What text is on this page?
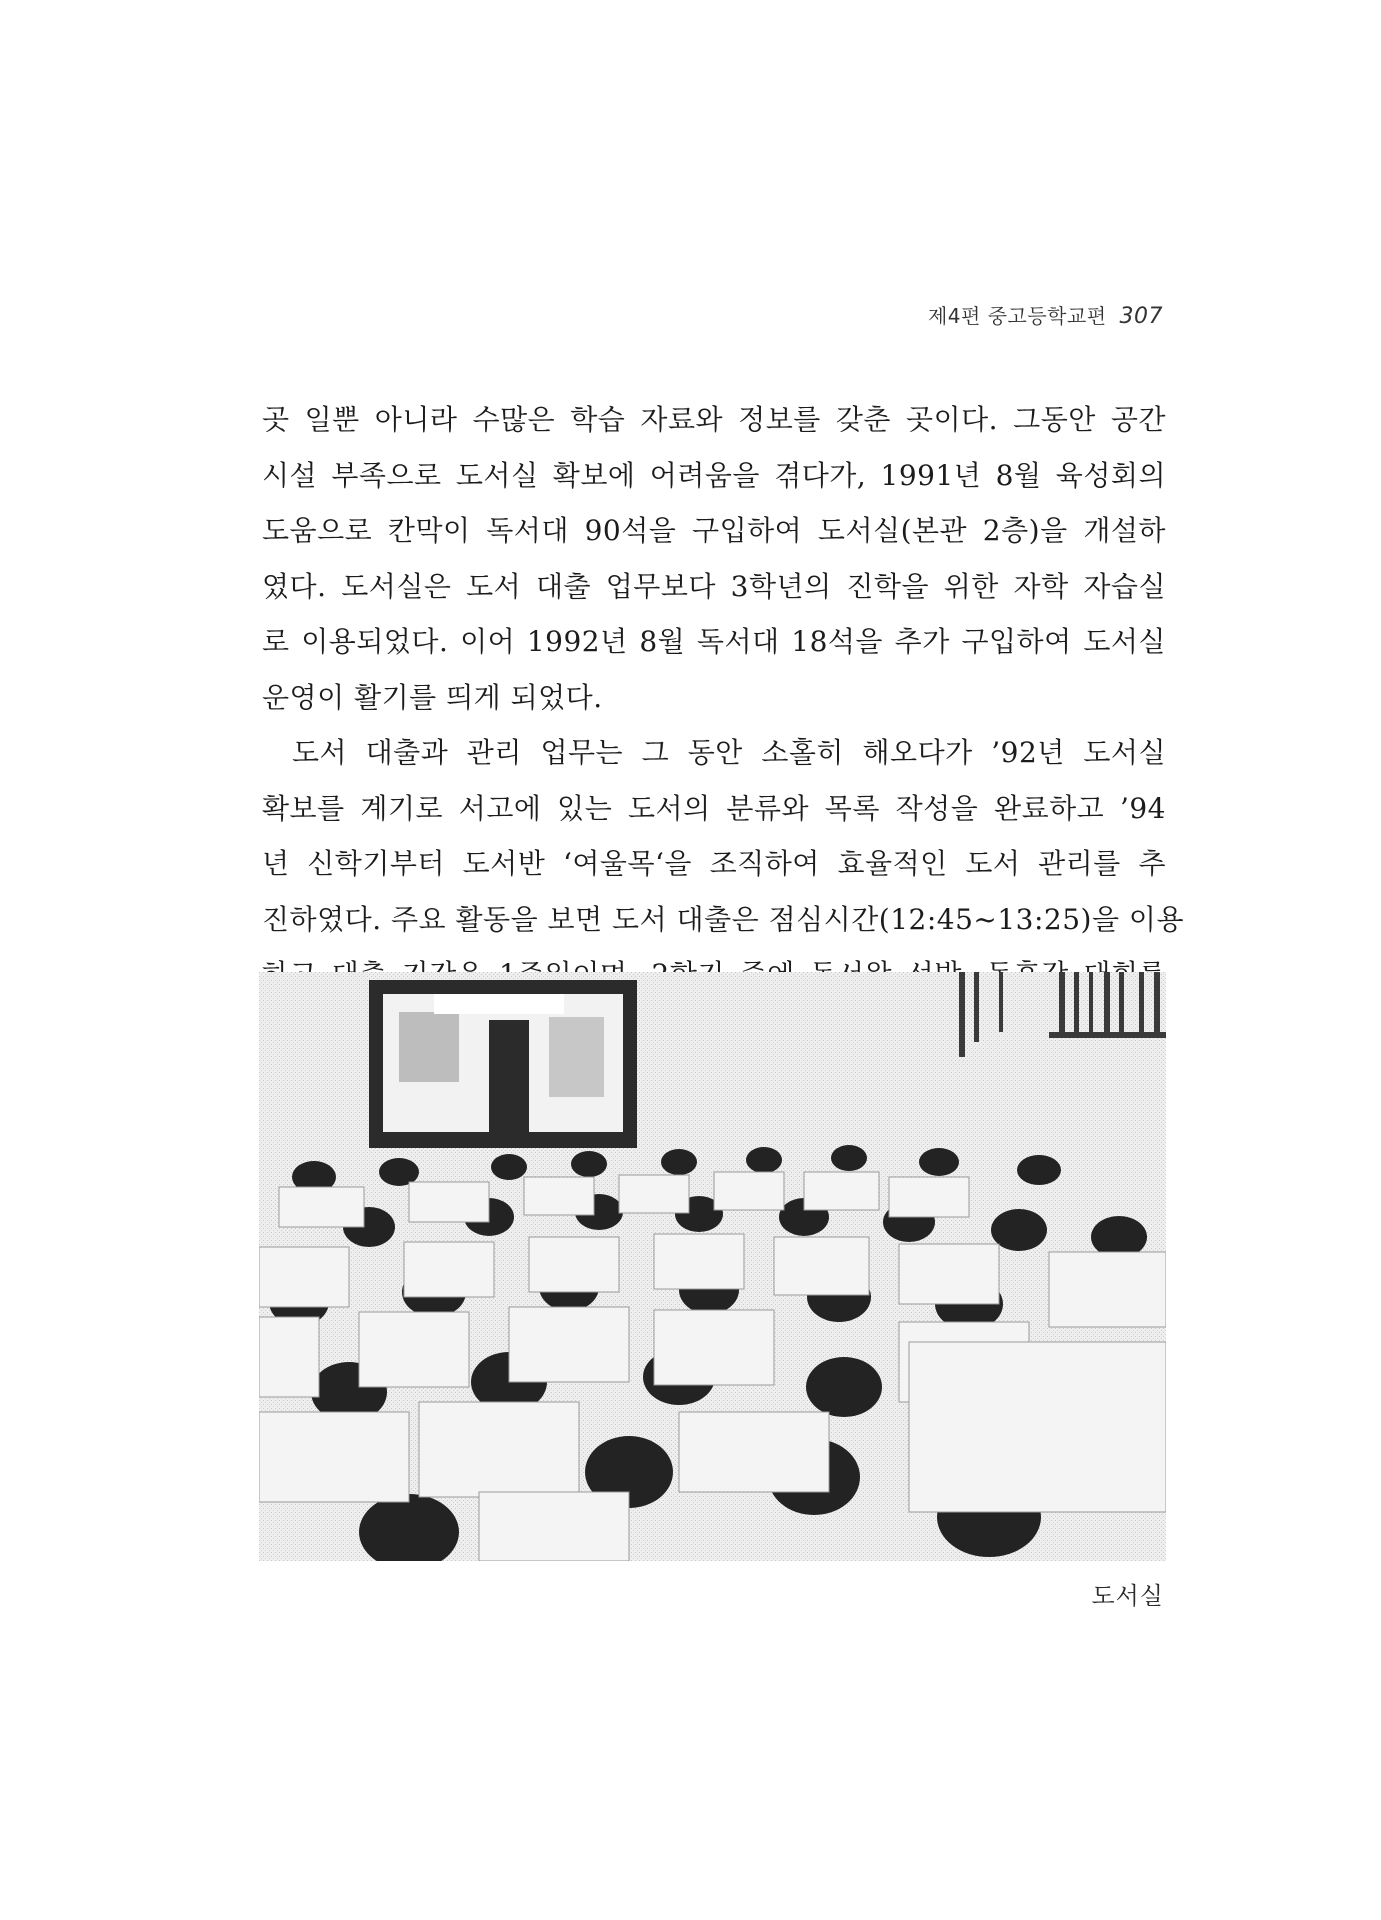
제4편 중고등학교편 307
곳 일뿐 아니라 수많은 학습 자료와 정보를 갖춘 곳이다. 그동안 공간
시설 부족으로 도서실 확보에 어려움을 겪다가, 1991년 8월 육성회의
도움으로 칸막이 독서대 90석을 구입하여 도서실(본관 2층)을 개설하
였다. 도서실은 도서 대출 업무보다 3학년의 진학을 위한 자학 자습실
로 이용되었다. 이어 1992년 8월 독서대 18석을 추가 구입하여 도서실
운영이 활기를 띄게 되었다.
도서 대출과 관리 업무는 그 동안 소홀히 해오다가 ’92년 도서실
확보를 계기로 서고에 있는 도서의 분류와 목록 작성을 완료하고 ’94
년 신학기부터 도서반 ‘여울목‘을 조직하여 효율적인 도서 관리를 추
진하였다. 주요 활동을 보면 도서 대출은 점심시간(12:45~13:25)을 이용
도서실
